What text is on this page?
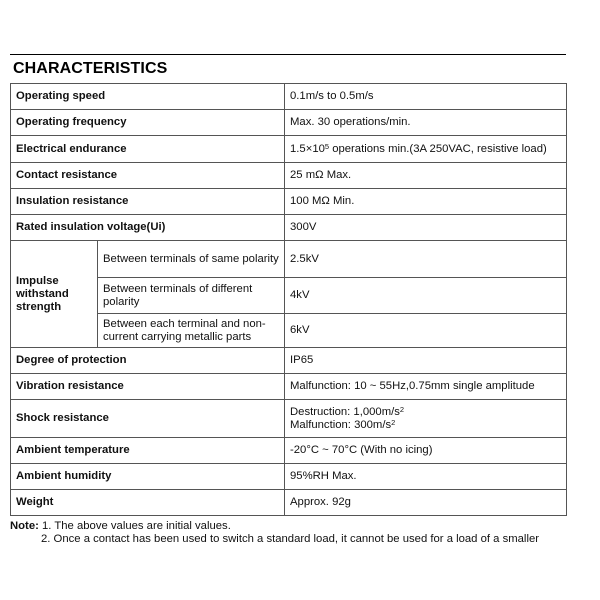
CHARACTERISTICS
Operating speed		0.1m/s to 0.5m/s
Operating frequency		Max. 30 operations/min.
Electrical endurance		$1.5\times 10^5$ operations min.(3A 250VAC, resistive load)
Contact resistance		25 mΩ Max.
Insulation resistance		100 MΩ Min.
Rated insulation voltage(Ui)		300V
Impulse withstand strength	Between terminals of same polarity	2.5kV
	Between terminals of different polarity	4kV
	Between each terminal and non-current carrying metallic parts	6kV
Degree of protection		IP65
Vibration resistance		Malfunction: 10 ~ 55Hz,0.75mm single amplitude
Shock resistance		Destruction: $1,000m/s^2$
Malfunction: $300m/s^2$
Ambient temperature		-20°C ~ 70°C (With no icing)
Ambient humidity		95%RH Max.
Weight		Approx. 92g
Note: 1. The above values are initial values.
2. Once a contact has been used to switch a standard load, it cannot be used for a load of a smaller
